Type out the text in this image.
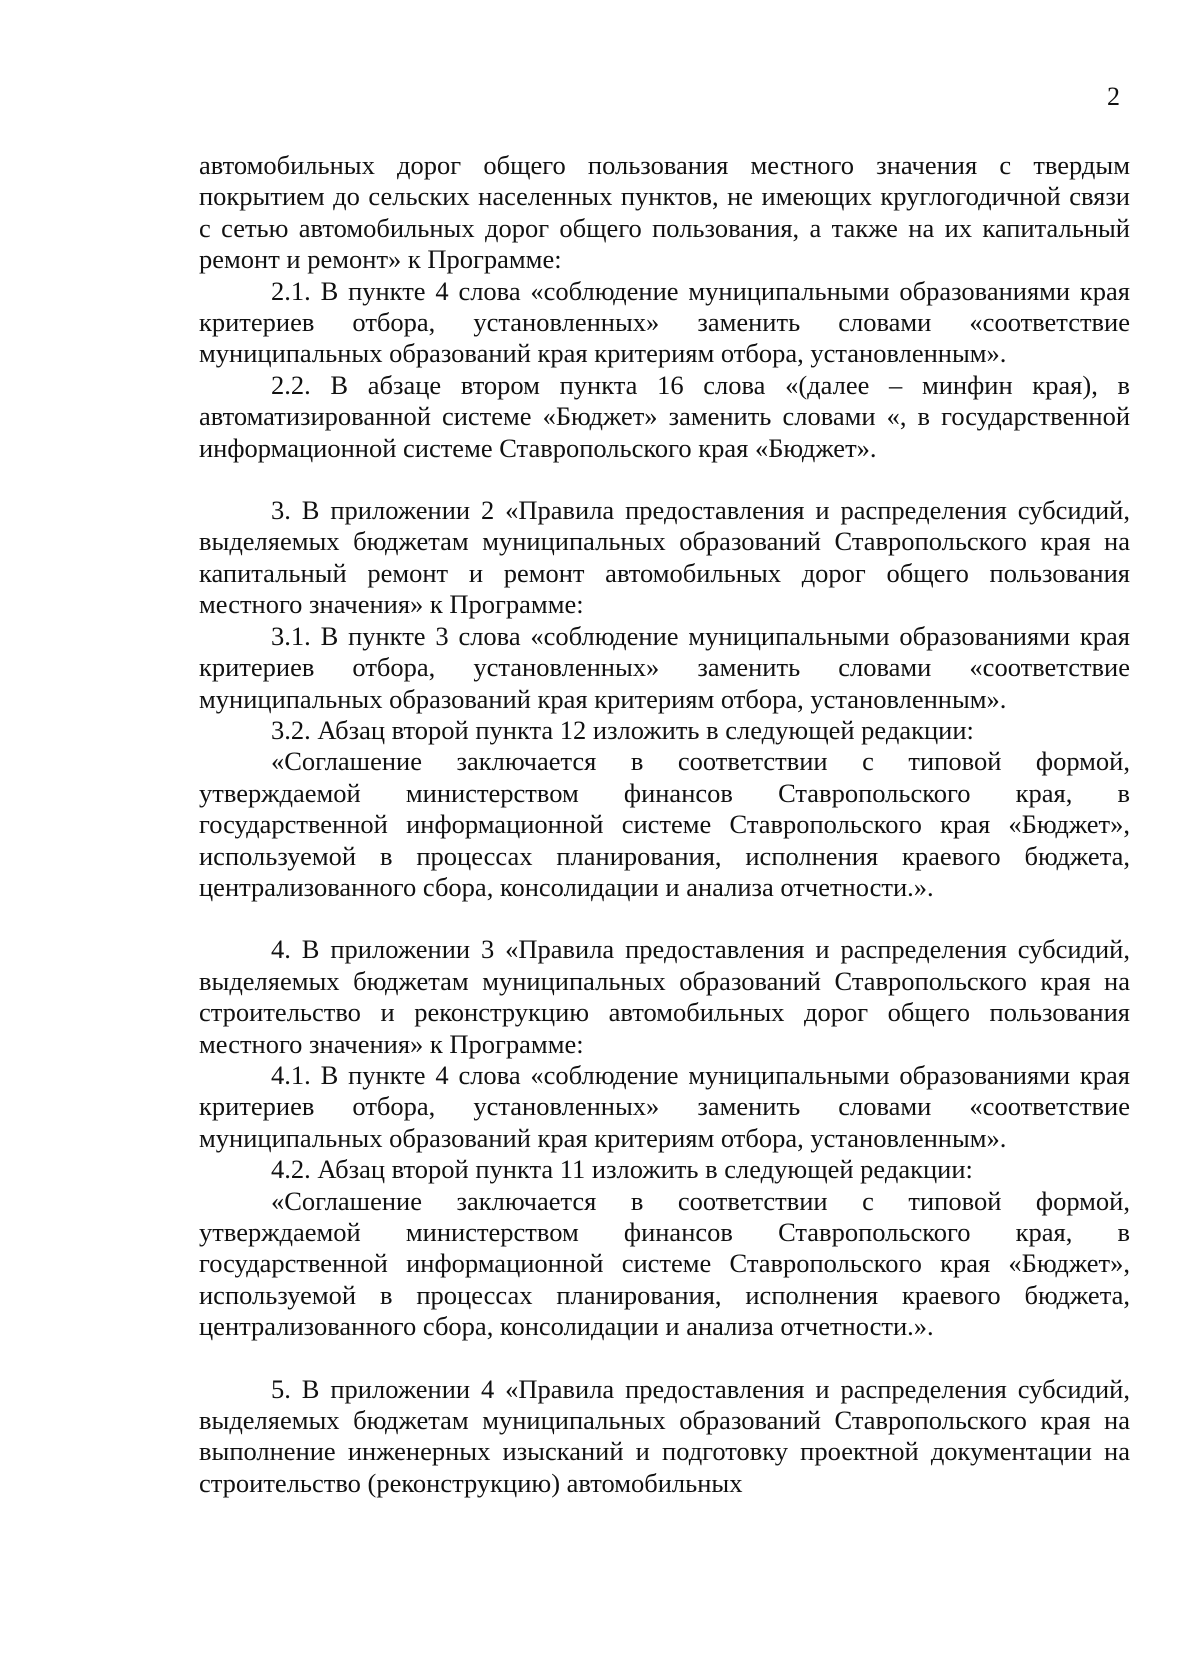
2

автомобильных дорог общего пользования местного значения с твердым покрытием до сельских населенных пунктов, не имеющих круглогодичной связи с сетью автомобильных дорог общего пользования, а также на их капитальный ремонт и ремонт» к Программе:

2.1. В пункте 4 слова «соблюдение муниципальными образованиями края критериев отбора, установленных» заменить словами «соответствие муниципальных образований края критериям отбора, установленным».

2.2. В абзаце втором пункта 16 слова «(далее – минфин края), в автоматизированной системе «Бюджет» заменить словами «, в государственной информационной системе Ставропольского края «Бюджет».

3. В приложении 2 «Правила предоставления и распределения субсидий, выделяемых бюджетам муниципальных образований Ставропольского края на капитальный ремонт и ремонт автомобильных дорог общего пользования местного значения» к Программе:

3.1. В пункте 3 слова «соблюдение муниципальными образованиями края критериев отбора, установленных» заменить словами «соответствие муниципальных образований края критериям отбора, установленным».

3.2. Абзац второй пункта 12 изложить в следующей редакции:

«Соглашение заключается в соответствии с типовой формой, утверждаемой министерством финансов Ставропольского края, в государственной информационной системе Ставропольского края «Бюджет», используемой в процессах планирования, исполнения краевого бюджета, централизованного сбора, консолидации и анализа отчетности.».

4. В приложении 3 «Правила предоставления и распределения субсидий, выделяемых бюджетам муниципальных образований Ставропольского края на строительство и реконструкцию автомобильных дорог общего пользования местного значения» к Программе:

4.1. В пункте 4 слова «соблюдение муниципальными образованиями края критериев отбора, установленных» заменить словами «соответствие муниципальных образований края критериям отбора, установленным».

4.2. Абзац второй пункта 11 изложить в следующей редакции:

«Соглашение заключается в соответствии с типовой формой, утверждаемой министерством финансов Ставропольского края, в государственной информационной системе Ставропольского края «Бюджет», используемой в процессах планирования, исполнения краевого бюджета, централизованного сбора, консолидации и анализа отчетности.».

5. В приложении 4 «Правила предоставления и распределения субсидий, выделяемых бюджетам муниципальных образований Ставропольского края на выполнение инженерных изысканий и подготовку проектной документации на строительство (реконструкцию) автомобильных
